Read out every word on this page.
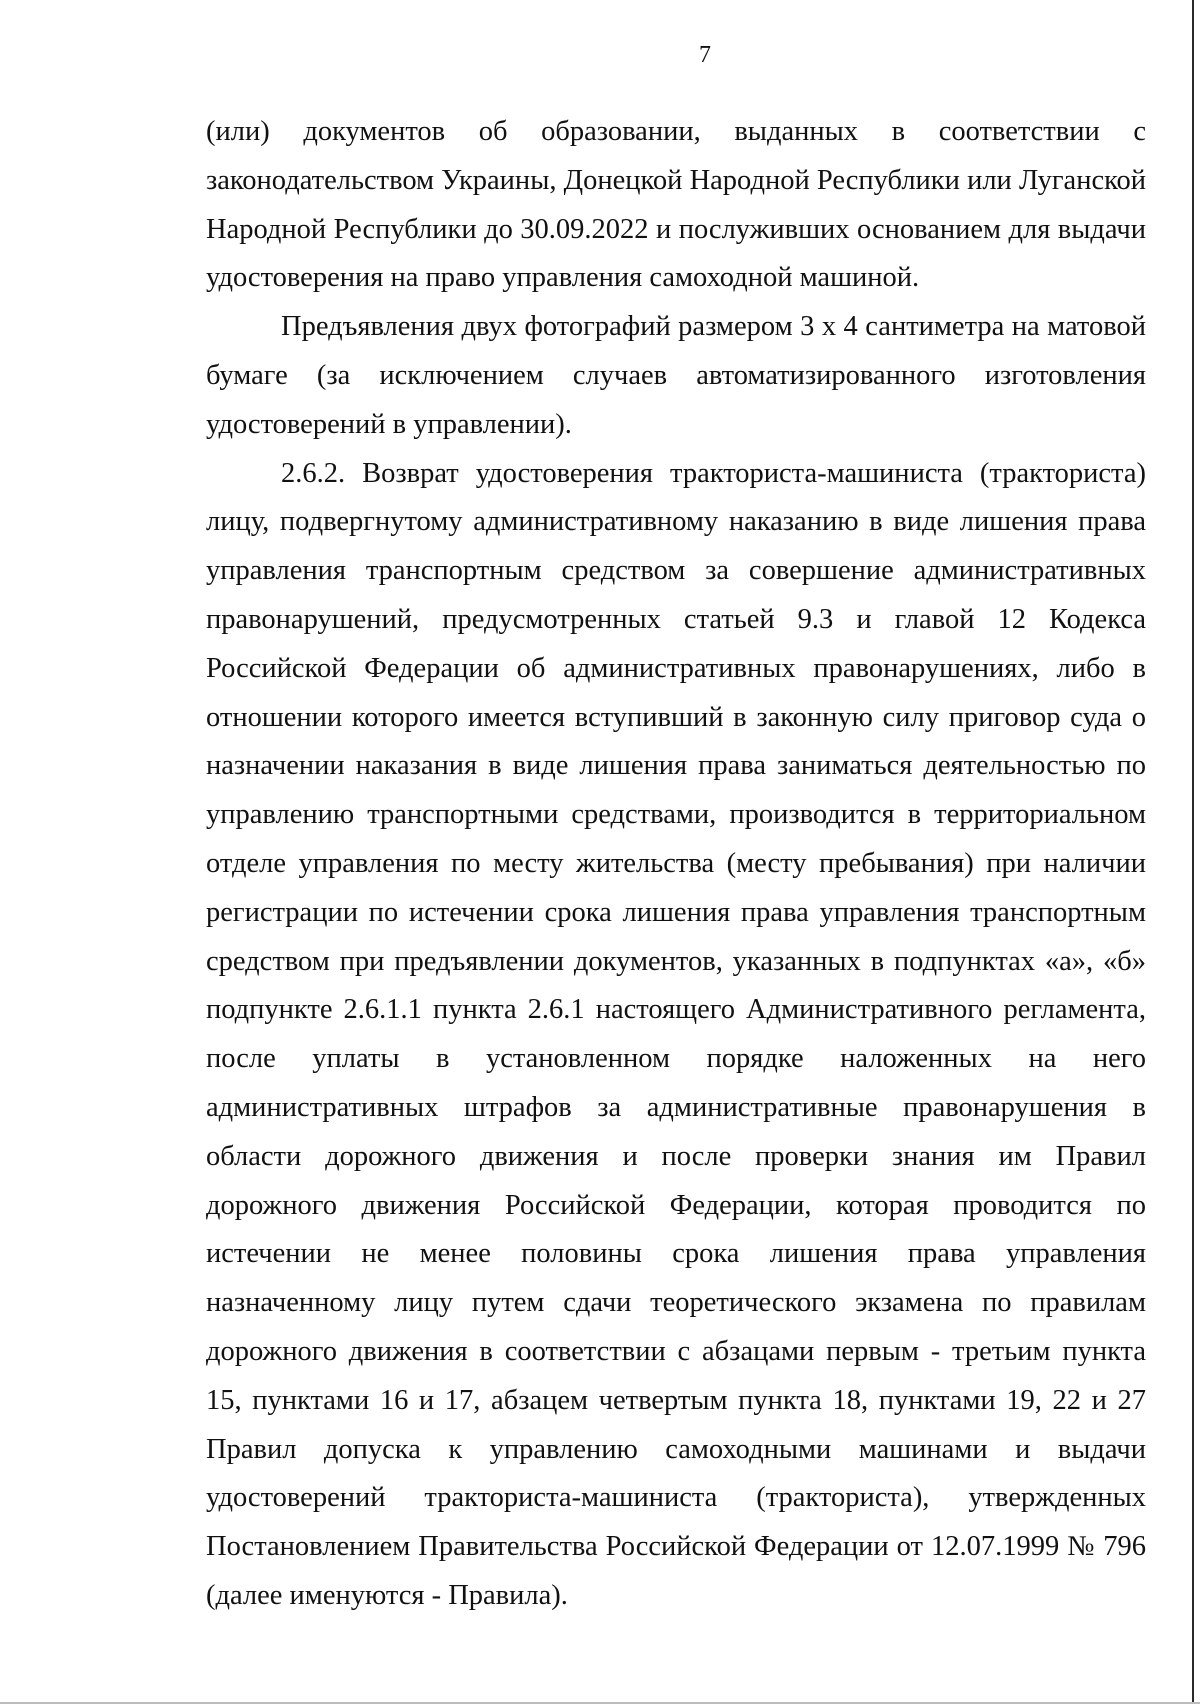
7

(или) документов об образовании, выданных в соответствии с законодательством Украины, Донецкой Народной Республики или Луганской Народной Республики до 30.09.2022 и послуживших основанием для выдачи удостоверения на право управления самоходной машиной.

Предъявления двух фотографий размером 3 х 4 сантиметра на матовой бумаге (за исключением случаев автоматизированного изготовления удостоверений в управлении).

2.6.2. Возврат удостоверения тракториста-машиниста (тракториста) лицу, подвергнутому административному наказанию в виде лишения права управления транспортным средством за совершение административных правонарушений, предусмотренных статьей 9.3 и главой 12 Кодекса Российской Федерации об административных правонарушениях, либо в отношении которого имеется вступивший в законную силу приговор суда о назначении наказания в виде лишения права заниматься деятельностью по управлению транспортными средствами, производится в территориальном отделе управления по месту жительства (месту пребывания) при наличии регистрации по истечении срока лишения права управления транспортным средством при предъявлении документов, указанных в подпунктах «а», «б» подпункте 2.6.1.1 пункта 2.6.1 настоящего Административного регламента, после уплаты в установленном порядке наложенных на него административных штрафов за административные правонарушения в области дорожного движения и после проверки знания им Правил дорожного движения Российской Федерации, которая проводится по истечении не менее половины срока лишения права управления назначенному лицу путем сдачи теоретического экзамена по правилам дорожного движения в соответствии с абзацами первым - третьим пункта 15, пунктами 16 и 17, абзацем четвертым пункта 18, пунктами 19, 22 и 27 Правил допуска к управлению самоходными машинами и выдачи удостоверений тракториста-машиниста (тракториста), утвержденных Постановлением Правительства Российской Федерации от 12.07.1999 № 796 (далее именуются - Правила).
